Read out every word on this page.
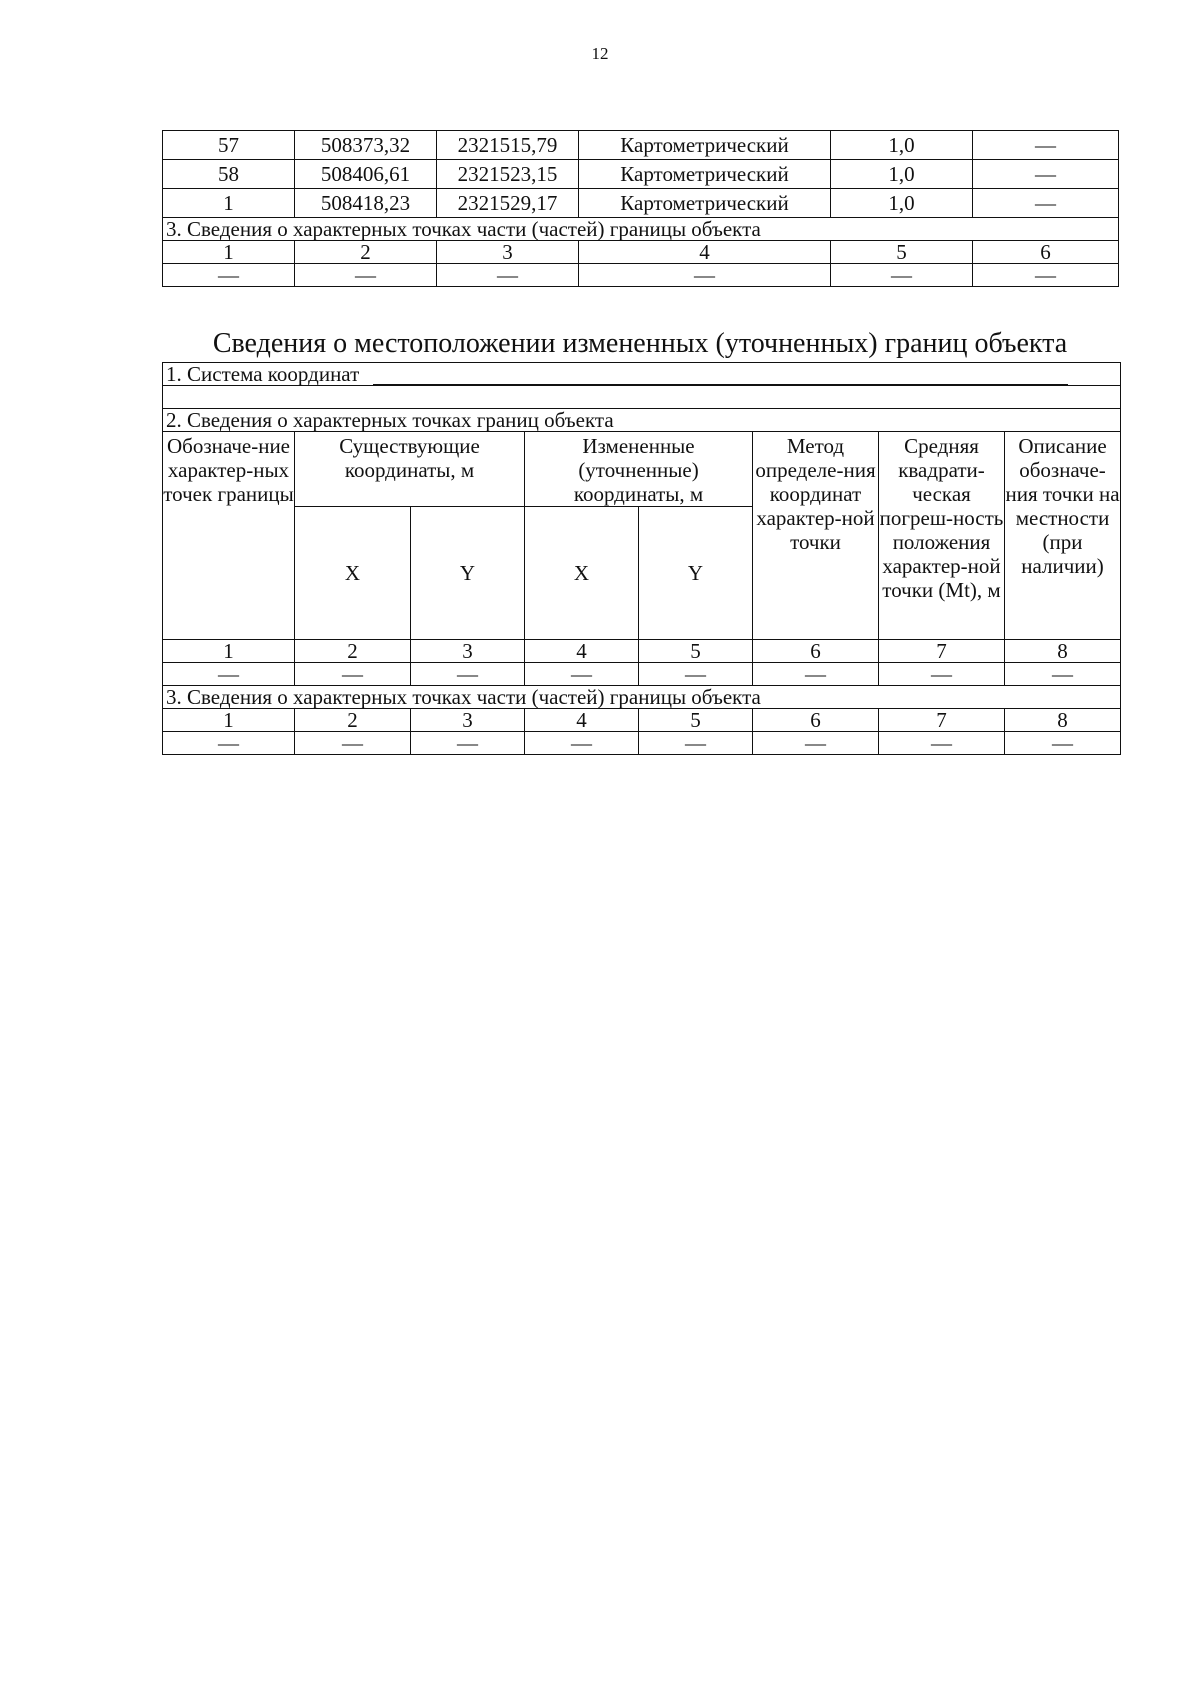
12
57	508373,32	2321515,79	Картометрический	1,0	—
58	508406,61	2321523,15	Картометрический	1,0	—
1	508418,23	2321529,17	Картометрический	1,0	—
3. Сведения о характерных точках части (частей) границы объекта					
1	2	3	4	5	6
—	—	—	—	—	—
Сведения о местоположении измененных (уточненных) границ объекта
1. Система координат							

2. Сведения о характерных точках границ объекта							
Обозначе-ние характер-ных точек границы	Существующие координаты, м		Измененные (уточненные) координаты, м		Метод определе-ния координат характер-ной точки	Средняя квадрати-ческая погреш-ность положения характер-ной точки (Mt), м	Описание обозначе-ния точки на местности (при наличии)
	X	Y	X	Y			
1	2	3	4	5	6	7	8
—	—	—	—	—	—	—	—
3. Сведения о характерных точках части (частей) границы объекта							
1	2	3	4	5	6	7	8
—	—	—	—	—	—	—	—
